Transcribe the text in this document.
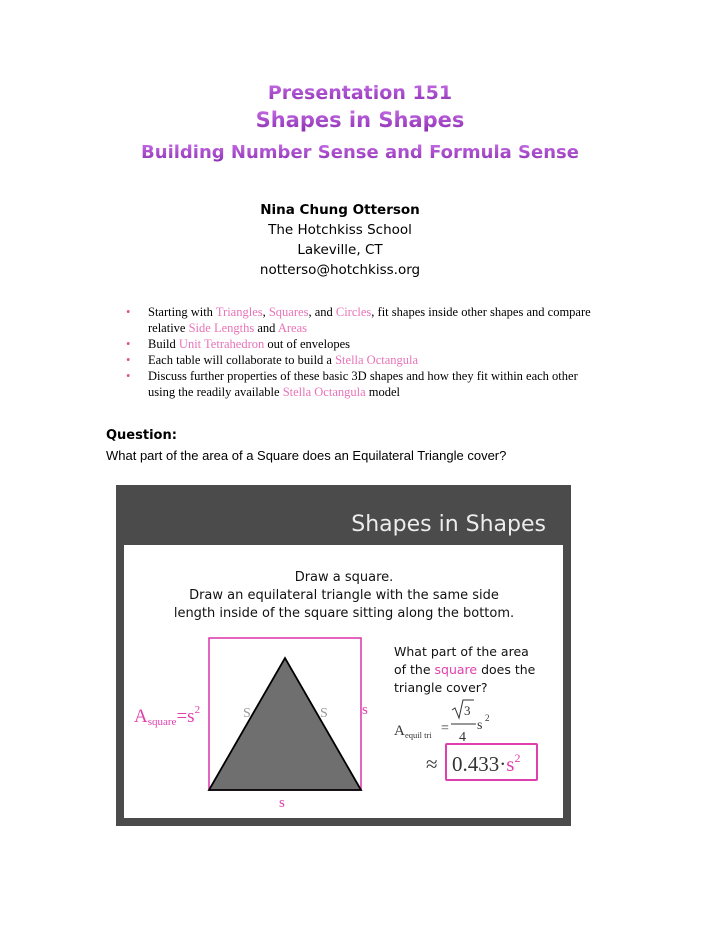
Presentation 151
Shapes in Shapes
Building Number Sense and Formula Sense
Nina Chung Otterson
The Hotchkiss School
Lakeville, CT
notterso@hotchkiss.org
• Starting with Triangles, Squares, and Circles, fit shapes inside other shapes and compare relative Side Lengths and Areas
• Build Unit Tetrahedron out of envelopes
• Each table will collaborate to build a Stella Octangula
• Discuss further properties of these basic 3D shapes and how they fit within each other using the readily available Stella Octangula model
Question:
What part of the area of a Square does an Equilateral Triangle cover?
Shapes in Shapes
Draw a square.
Draw an equilateral triangle with the same side
length inside of the square sitting along the bottom.
S	S s
s
$Asquare=s^2$
What part of the area
of the square does the
triangle cover?
A equil tri =
3
4
s 2
≈ $0.433\cdot s^2$
